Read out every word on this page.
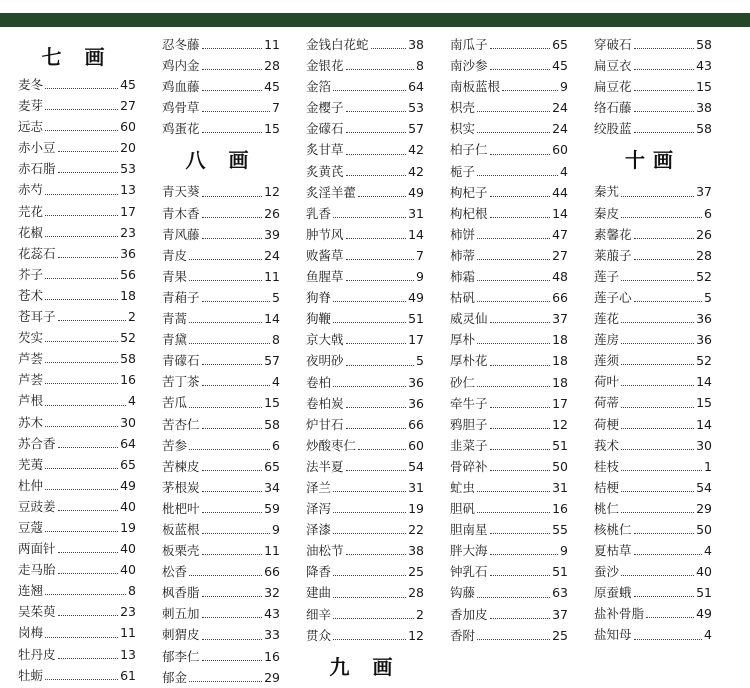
七 画
麦冬	45
麦芽	27
远志	60
赤小豆	20
赤石脂	53
赤芍	13
芫花	17
花椒	23
花蕊石	36
芥子	56
苍术	18
苍耳子	2
芡实	52
芦荟	58
芦荟	16
芦根	4
苏木	30
苏合香	64
芜荑	65
杜仲	49
豆豉姜	40
豆蔻	19
两面针	40
走马胎	40
连翘	8
吴茱萸	23
岗梅	11
牡丹皮	13
牡蛎	61
忍冬藤	11
鸡内金	28
鸡血藤	45
鸡骨草	7
鸡蛋花	15
八 画
青天葵	12
青木香	26
青风藤	39
青皮	24
青果	11
青葙子	5
青蒿	14
青黛	8
青礞石	57
苦丁茶	4
苦瓜	15
苦杏仁	58
苦参	6
苦楝皮	65
茅根炭	34
枇杷叶	59
板蓝根	9
板栗壳	11
松香	66
枫香脂	32
刺五加	43
刺猬皮	33
郁李仁	16
郁金	29
金钱白花蛇	38
金银花	8
金箔	64
金樱子	53
金礞石	57
炙甘草	42
炙黄芪	42
炙淫羊藿	49
乳香	31
肿节风	14
败酱草	7
鱼腥草	9
狗脊	49
狗鞭	51
京大戟	17
夜明砂	5
卷柏	36
卷柏炭	36
炉甘石	66
炒酸枣仁	60
法半夏	54
泽兰	31
泽泻	19
泽漆	22
油松节	38
降香	25
建曲	28
细辛	2
贯众	12
九 画
南瓜子	65
南沙参	45
南板蓝根	9
枳壳	24
枳实	24
柏子仁	60
栀子	4
枸杞子	44
枸杞根	14
柿饼	47
柿蒂	27
柿霜	48
枯矾	66
威灵仙	37
厚朴	18
厚朴花	18
砂仁	18
牵牛子	17
鸦胆子	12
韭菜子	51
骨碎补	50
虻虫	31
胆矾	16
胆南星	55
胖大海	9
钟乳石	51
钩藤	63
香加皮	37
香附	25
穿破石	58
扁豆衣	43
扁豆花	15
络石藤	38
绞股蓝	58
十画
秦艽	37
秦皮	6
素馨花	26
莱菔子	28
莲子	52
莲子心	5
莲花	36
莲房	36
莲须	52
荷叶	14
荷蒂	15
荷梗	14
莪术	30
桂枝	1
桔梗	54
桃仁	29
核桃仁	50
夏枯草	4
蚕沙	40
原蚕蛾	51
盐补骨脂	49
盐知母	4
